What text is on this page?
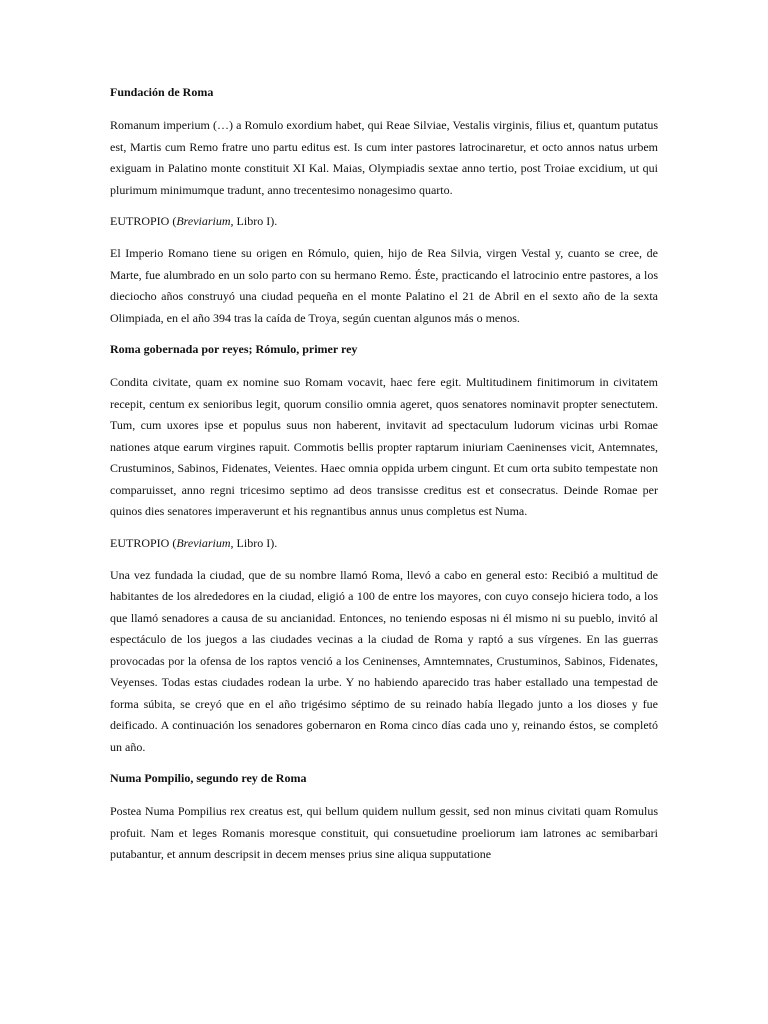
Fundación de Roma
Romanum imperium (…) a Romulo exordium habet, qui Reae Silviae, Vestalis virginis, filius et, quantum putatus est, Martis cum Remo fratre uno partu editus est. Is cum inter pastores latrocinaretur, et octo annos natus urbem exiguam in Palatino monte constituit XI Kal. Maias, Olympiadis sextae anno tertio, post Troiae excidium, ut qui plurimum minimumque tradunt, anno trecentesimo nonagesimo quarto.
EUTROPIO (Breviarium, Libro I).
El Imperio Romano tiene su origen en Rómulo, quien, hijo de Rea Silvia, virgen Vestal y, cuanto se cree, de Marte, fue alumbrado en un solo parto con su hermano Remo. Éste, practicando el latrocinio entre pastores, a los dieciocho años construyó una ciudad pequeña en el monte Palatino el 21 de Abril en el sexto año de la sexta Olimpiada, en el año 394 tras la caída de Troya, según cuentan algunos más o menos.
Roma gobernada por reyes; Rómulo, primer rey
Condita civitate, quam ex nomine suo Romam vocavit, haec fere egit. Multitudinem finitimorum in civitatem recepit, centum ex senioribus legit, quorum consilio omnia ageret, quos senatores nominavit propter senectutem. Tum, cum uxores ipse et populus suus non haberent, invitavit ad spectaculum ludorum vicinas urbi Romae nationes atque earum virgines rapuit. Commotis bellis propter raptarum iniuriam Caeninenses vicit, Antemnates, Crustuminos, Sabinos, Fidenates, Veientes. Haec omnia oppida urbem cingunt. Et cum orta subito tempestate non comparuisset, anno regni tricesimo septimo ad deos transisse creditus est et consecratus. Deinde Romae per quinos dies senatores imperaverunt et his regnantibus annus unus completus est Numa.
EUTROPIO (Breviarium, Libro I).
Una vez fundada la ciudad, que de su nombre llamó Roma, llevó a cabo en general esto: Recibió a multitud de habitantes de los alrededores en la ciudad, eligió a 100 de entre los mayores, con cuyo consejo hiciera todo, a los que llamó senadores a causa de su ancianidad. Entonces, no teniendo esposas ni él mismo ni su pueblo, invitó al espectáculo de los juegos a las ciudades vecinas a la ciudad de Roma y raptó a sus vírgenes. En las guerras provocadas por la ofensa de los raptos venció a los Ceninenses, Amntemnates, Crustuminos, Sabinos, Fidenates, Veyenses. Todas estas ciudades rodean la urbe. Y no habiendo aparecido tras haber estallado una tempestad de forma súbita, se creyó que en el año trigésimo séptimo de su reinado había llegado junto a los dioses y fue deificado. A continuación los senadores gobernaron en Roma cinco días cada uno y, reinando éstos, se completó un año.
Numa Pompilio, segundo rey de Roma
Postea Numa Pompilius rex creatus est, qui bellum quidem nullum gessit, sed non minus civitati quam Romulus profuit. Nam et leges Romanis moresque constituit, qui consuetudine proeliorum iam latrones ac semibarbari putabantur, et annum descripsit in decem menses prius sine aliqua supputatione
